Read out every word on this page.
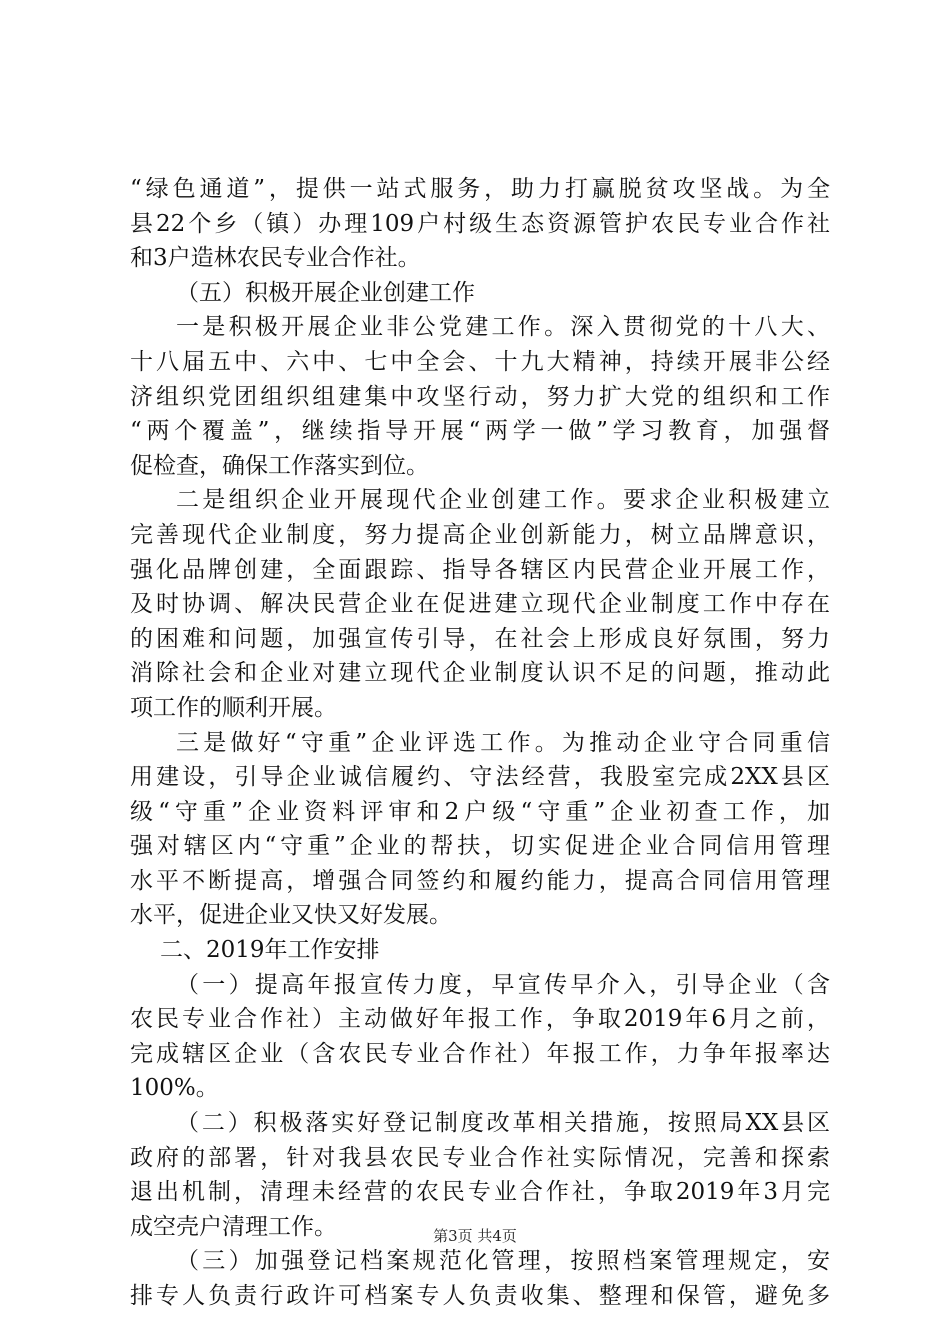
“绿色通道”，提供一站式服务，助力打赢脱贫攻坚战。为全
县22个乡（镇）办理109户村级生态资源管护农民专业合作社
和3户造林农民专业合作社。
（五）积极开展企业创建工作
一是积极开展企业非公党建工作。深入贯彻党的十八大、
十八届五中、六中、七中全会、十九大精神，持续开展非公经
济组织党团组织组建集中攻坚行动，努力扩大党的组织和工作
“两个覆盖”，继续指导开展“两学一做”学习教育，加强督
促检查，确保工作落实到位。
二是组织企业开展现代企业创建工作。要求企业积极建立
完善现代企业制度，努力提高企业创新能力，树立品牌意识，
强化品牌创建，全面跟踪、指导各辖区内民营企业开展工作，
及时协调、解决民营企业在促进建立现代企业制度工作中存在
的困难和问题，加强宣传引导，在社会上形成良好氛围，努力
消除社会和企业对建立现代企业制度认识不足的问题，推动此
项工作的顺利开展。
三是做好“守重”企业评选工作。为推动企业守合同重信
用建设，引导企业诚信履约、守法经营，我股室完成2XX县区
级“守重”企业资料评审和2户级“守重”企业初查工作，加
强对辖区内“守重”企业的帮扶，切实促进企业合同信用管理
水平不断提高，增强合同签约和履约能力，提高合同信用管理
水平，促进企业又快又好发展。
二、2019年工作安排
（一）提高年报宣传力度，早宣传早介入，引导企业（含
农民专业合作社）主动做好年报工作，争取2019年6月之前，
完成辖区企业（含农民专业合作社）年报工作，力争年报率达
100%。
（二）积极落实好登记制度改革相关措施，按照局XX县区
政府的部署，针对我县农民专业合作社实际情况，完善和探索
退出机制，清理未经营的农民专业合作社，争取2019年3月完
成空壳户清理工作。
（三）加强登记档案规范化管理，按照档案管理规定，安
排专人负责行政许可档案专人负责收集、整理和保管，避免多
第3页 共4页
